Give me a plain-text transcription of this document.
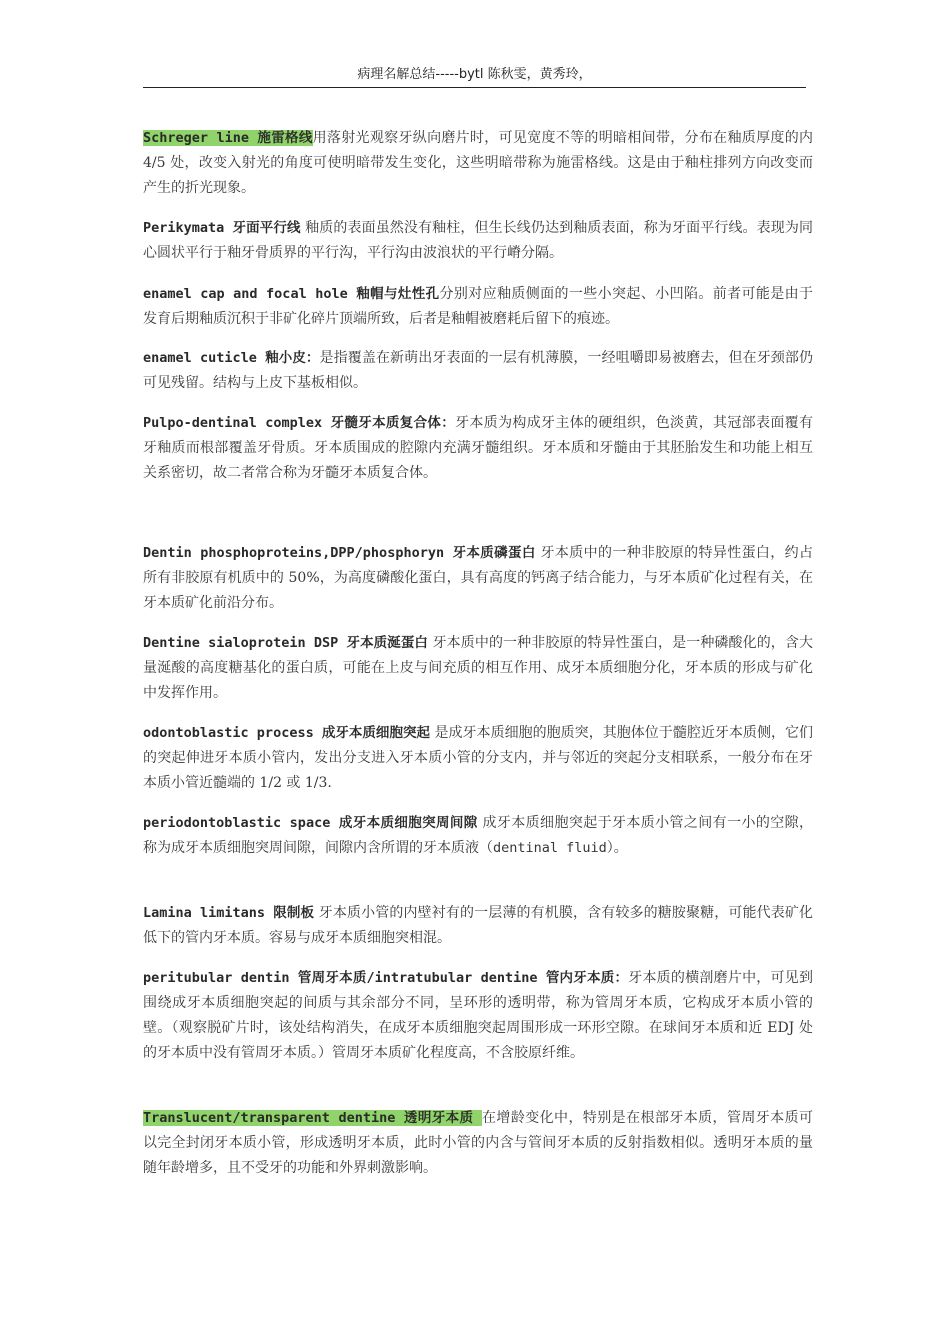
病理名解总结-----bytl 陈秋雯，黄秀玲，
Schreger line 施雷格线用落射光观察牙纵向磨片时，可见宽度不等的明暗相间带，分布在釉质厚度的内 4/5 处，改变入射光的角度可使明暗带发生变化，这些明暗带称为施雷格线。这是由于釉柱排列方向改变而产生的折光现象。
Perikymata 牙面平行线 釉质的表面虽然没有釉柱，但生长线仍达到釉质表面，称为牙面平行线。表现为同心圆状平行于釉牙骨质界的平行沟，平行沟由波浪状的平行嵴分隔。
enamel cap and focal hole 釉帽与灶性孔分别对应釉质侧面的一些小突起、小凹陷。前者可能是由于发育后期釉质沉积于非矿化碎片顶端所致，后者是釉帽被磨耗后留下的痕迹。
enamel cuticle 釉小皮：是指覆盖在新萌出牙表面的一层有机薄膜，一经咀嚼即易被磨去，但在牙颈部仍可见残留。结构与上皮下基板相似。
Pulpo-dentinal complex 牙髓牙本质复合体：牙本质为构成牙主体的硬组织，色淡黄，其冠部表面覆有牙釉质而根部覆盖牙骨质。牙本质围成的腔隙内充满牙髓组织。牙本质和牙髓由于其胚胎发生和功能上相互关系密切，故二者常合称为牙髓牙本质复合体。
Dentin phosphoproteins,DPP/phosphoryn 牙本质磷蛋白 牙本质中的一种非胶原的特异性蛋白，约占所有非胶原有机质中的 50%，为高度磷酸化蛋白，具有高度的钙离子结合能力，与牙本质矿化过程有关，在牙本质矿化前沿分布。
Dentine sialoprotein DSP 牙本质涎蛋白 牙本质中的一种非胶原的特异性蛋白，是一种磷酸化的，含大量涎酸的高度糖基化的蛋白质，可能在上皮与间充质的相互作用、成牙本质细胞分化，牙本质的形成与矿化中发挥作用。
odontoblastic process 成牙本质细胞突起 是成牙本质细胞的胞质突，其胞体位于髓腔近牙本质侧，它们的突起伸进牙本质小管内，发出分支进入牙本质小管的分支内，并与邻近的突起分支相联系，一般分布在牙本质小管近髓端的 1/2 或 1/3.
periodontoblastic space 成牙本质细胞突周间隙 成牙本质细胞突起于牙本质小管之间有一小的空隙，称为成牙本质细胞突周间隙，间隙内含所谓的牙本质液（dentinal fluid）。
Lamina limitans 限制板 牙本质小管的内壁衬有的一层薄的有机膜，含有较多的糖胺聚糖，可能代表矿化低下的管内牙本质。容易与成牙本质细胞突相混。
peritubular dentin 管周牙本质/intratubular dentine 管内牙本质：牙本质的横剖磨片中，可见到围绕成牙本质细胞突起的间质与其余部分不同，呈环形的透明带，称为管周牙本质，它构成牙本质小管的壁。（观察脱矿片时，该处结构消失，在成牙本质细胞突起周围形成一环形空隙。在球间牙本质和近 EDJ 处的牙本质中没有管周牙本质。）管周牙本质矿化程度高，不含胶原纤维。
Translucent/transparent dentine 透明牙本质 在增龄变化中，特别是在根部牙本质，管周牙本质可以完全封闭牙本质小管，形成透明牙本质，此时小管的内含与管间牙本质的反射指数相似。透明牙本质的量随年龄增多，且不受牙的功能和外界刺激影响。
